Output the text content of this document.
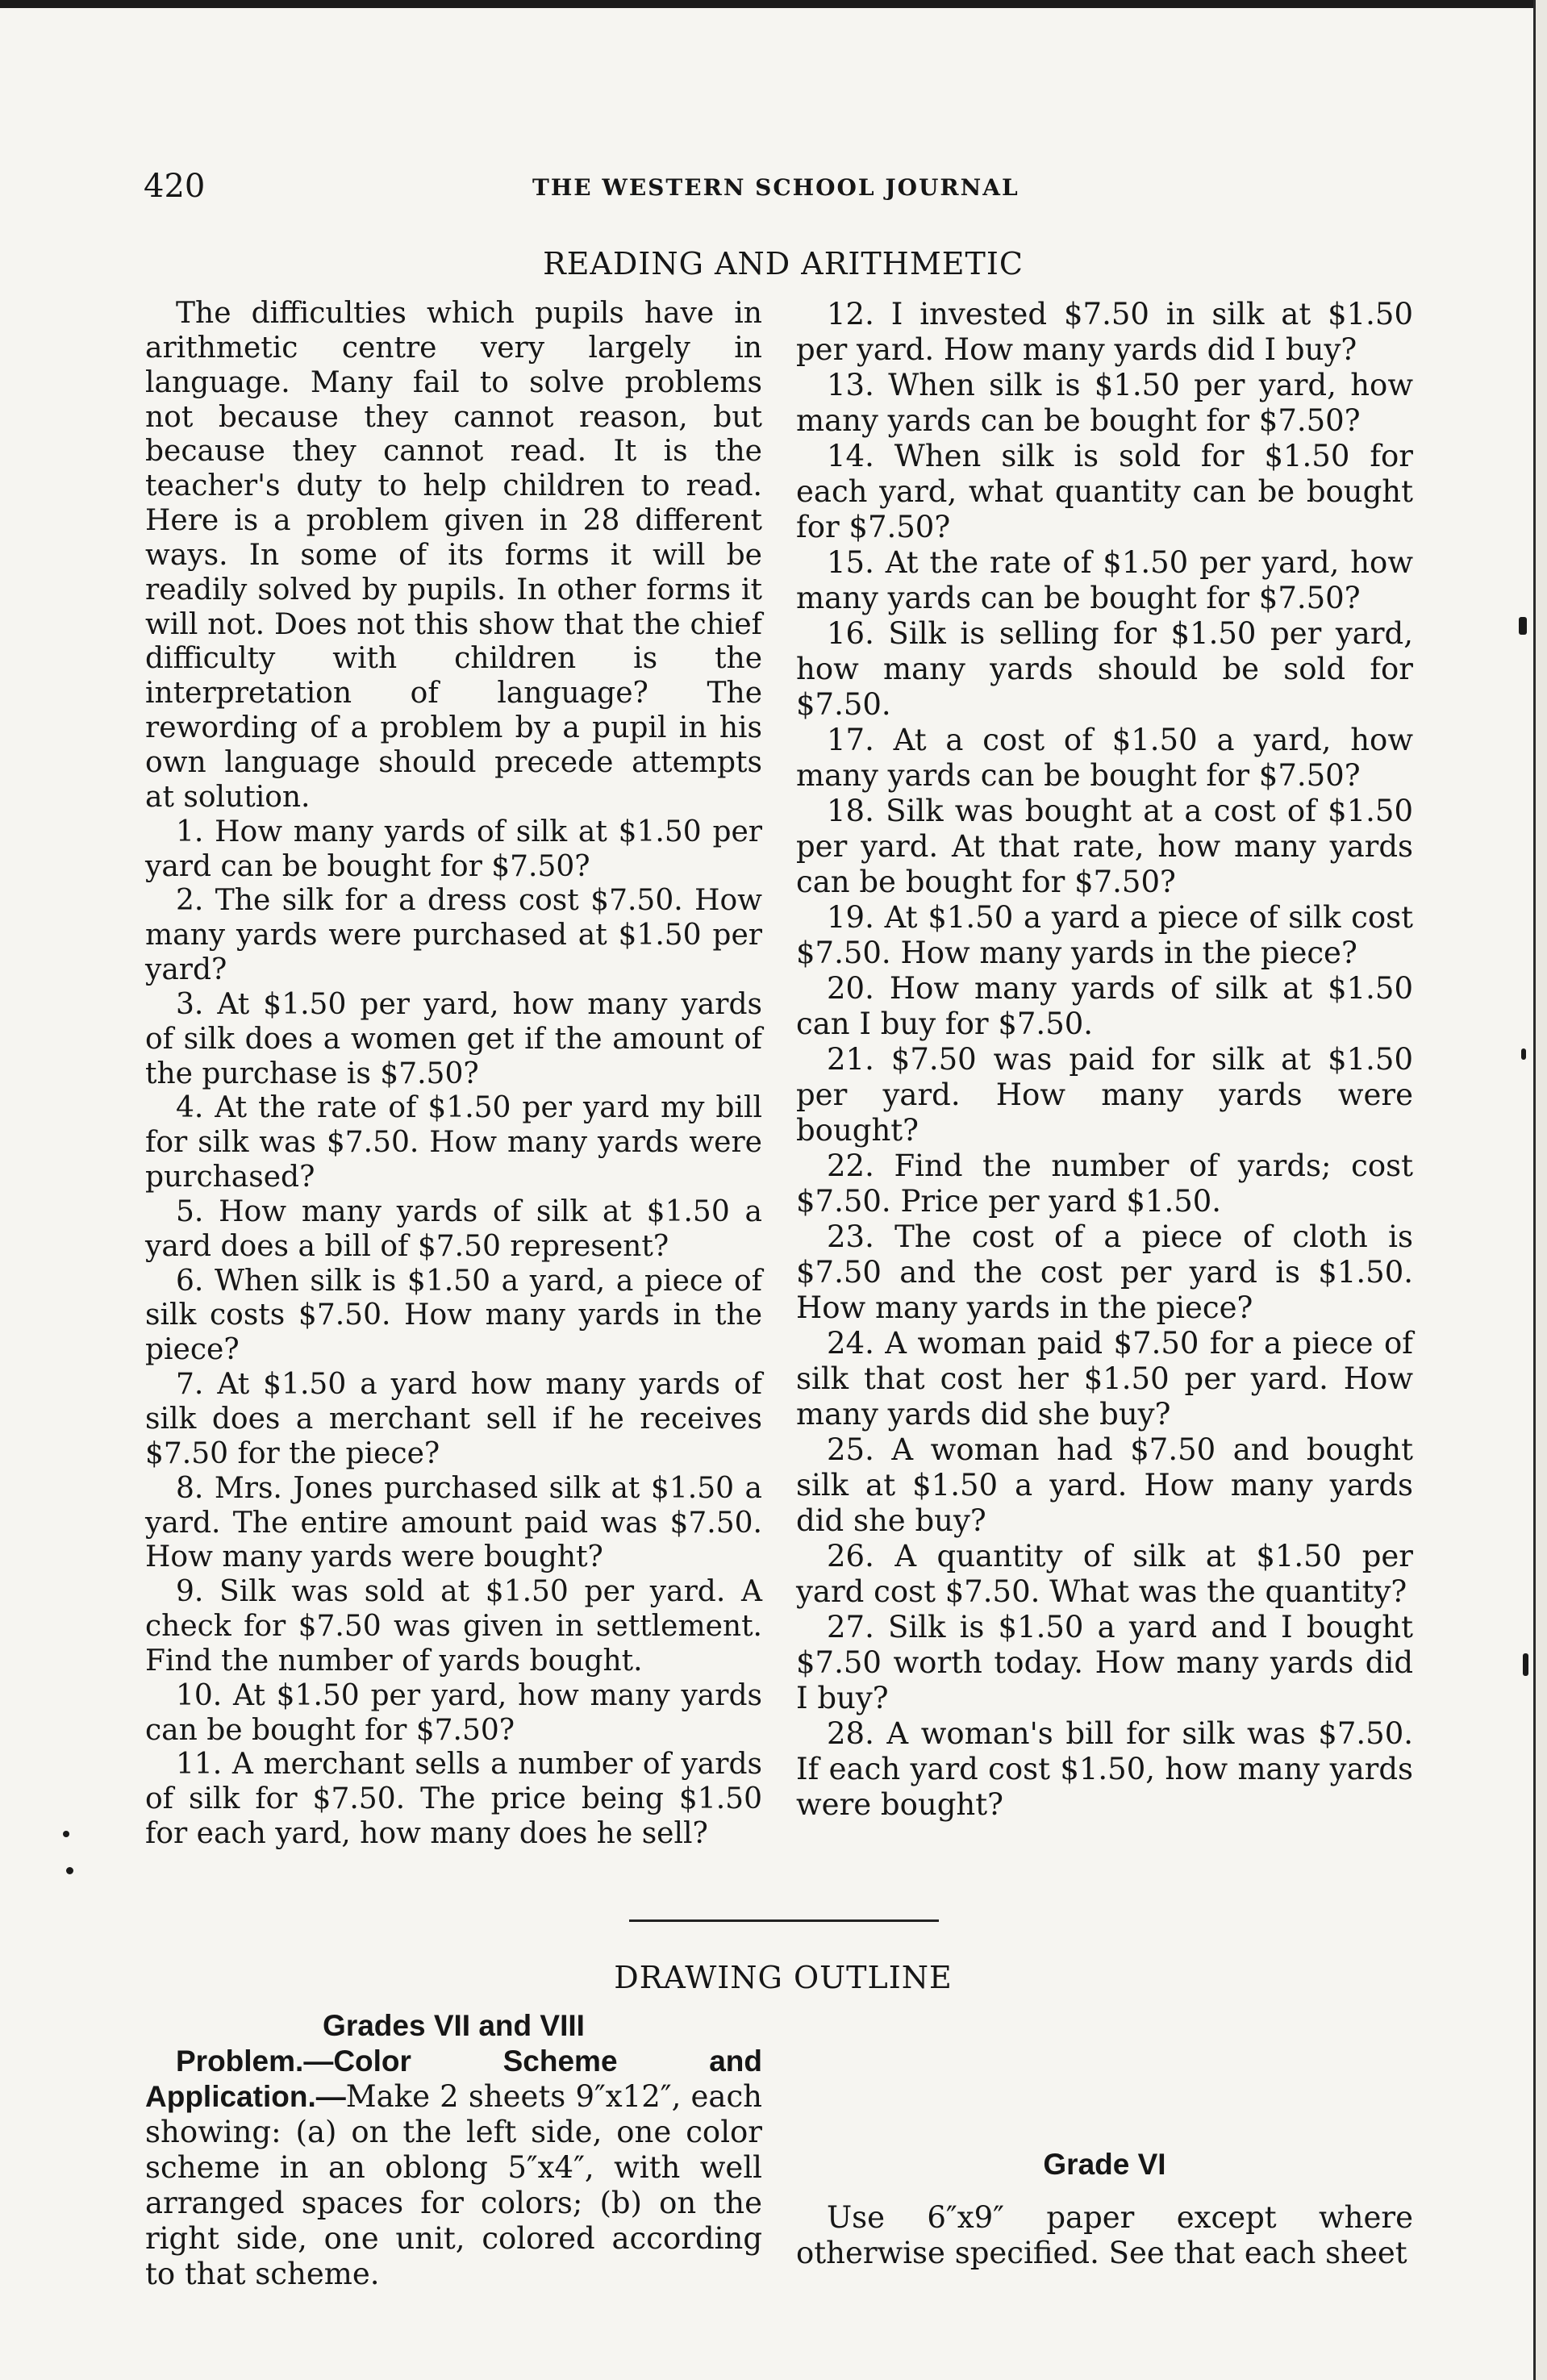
420	THE WESTERN SCHOOL JOURNAL
READING AND ARITHMETIC

The difficulties which pupils have in arithmetic centre very largely in language. Many fail to solve problems not because they cannot reason, but because they cannot read. It is the teacher's duty to help children to read. Here is a problem given in 28 different ways. In some of its forms it will be readily solved by pupils. In other forms it will not. Does not this show that the chief difficulty with children is the interpretation of language? The rewording of a problem by a pupil in his own language should precede attempts at solution.

1. How many yards of silk at $1.50 per yard can be bought for $7.50?

2. The silk for a dress cost $7.50. How many yards were purchased at $1.50 per yard?

3. At $1.50 per yard, how many yards of silk does a women get if the amount of the purchase is $7.50?

4. At the rate of $1.50 per yard my bill for silk was $7.50. How many yards were purchased?

5. How many yards of silk at $1.50 a yard does a bill of $7.50 represent?

6. When silk is $1.50 a yard, a piece of silk costs $7.50. How many yards in the piece?

7. At $1.50 a yard how many yards of silk does a merchant sell if he receives $7.50 for the piece?

8. Mrs. Jones purchased silk at $1.50 a yard. The entire amount paid was $7.50. How many yards were bought?

9. Silk was sold at $1.50 per yard. A check for $7.50 was given in settlement. Find the number of yards bought.

10. At $1.50 per yard, how many yards can be bought for $7.50?

11. A merchant sells a number of yards of silk for $7.50. The price being $1.50 for each yard, how many does he sell?

12. I invested $7.50 in silk at $1.50 per yard. How many yards did I buy?

13. When silk is $1.50 per yard, how many yards can be bought for $7.50?

14. When silk is sold for $1.50 for each yard, what quantity can be bought for $7.50?

15. At the rate of $1.50 per yard, how many yards can be bought for $7.50?

16. Silk is selling for $1.50 per yard, how many yards should be sold for $7.50.

17. At a cost of $1.50 a yard, how many yards can be bought for $7.50?

18. Silk was bought at a cost of $1.50 per yard. At that rate, how many yards can be bought for $7.50?

19. At $1.50 a yard a piece of silk cost $7.50. How many yards in the piece?

20. How many yards of silk at $1.50 can I buy for $7.50.

21. $7.50 was paid for silk at $1.50 per yard. How many yards were bought?

22. Find the number of yards; cost $7.50. Price per yard $1.50.

23. The cost of a piece of cloth is $7.50 and the cost per yard is $1.50. How many yards in the piece?

24. A woman paid $7.50 for a piece of silk that cost her $1.50 per yard. How many yards did she buy?

25. A woman had $7.50 and bought silk at $1.50 a yard. How many yards did she buy?

26. A quantity of silk at $1.50 per yard cost $7.50. What was the quantity?

27. Silk is $1.50 a yard and I bought $7.50 worth today. How many yards did I buy?

28. A woman's bill for silk was $7.50. If each yard cost $1.50, how many yards were bought?

DRAWING OUTLINE

Grades VII and VIII

Problem.—Color Scheme and Application.—Make 2 sheets 9″x12″, each showing: (a) on the left side, one color scheme in an oblong 5″x4″, with well arranged spaces for colors; (b) on the right side, one unit, colored according to that scheme.

Grade VI

Use 6″x9″ paper except where otherwise specified. See that each sheet
